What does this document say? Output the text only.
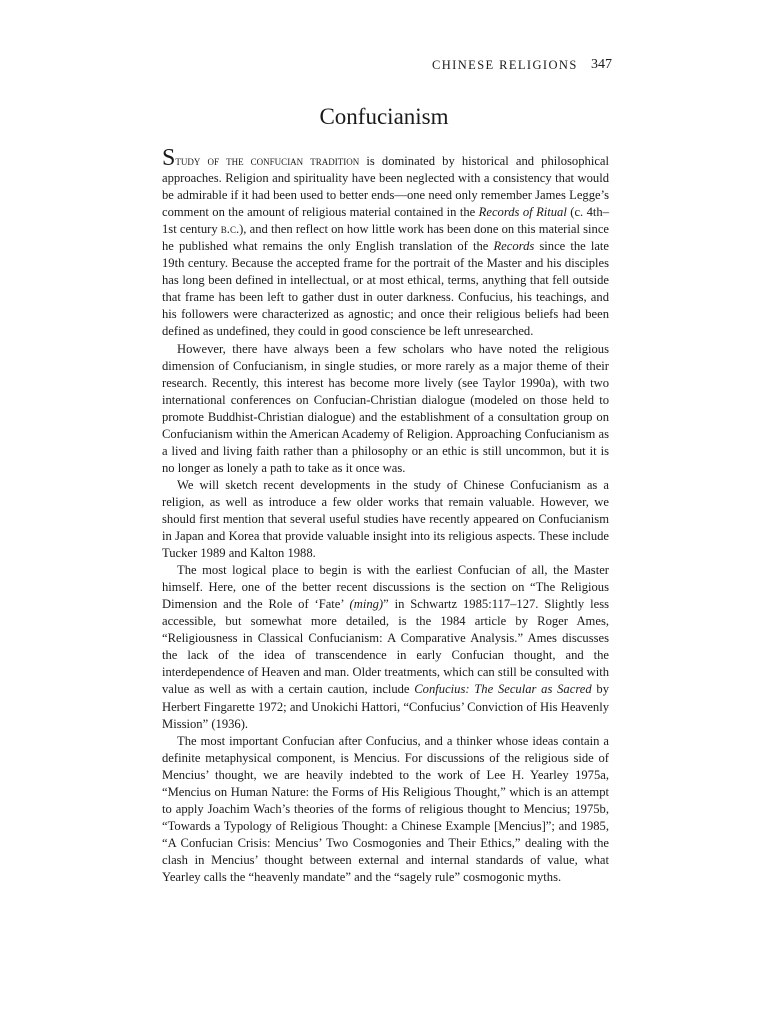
CHINESE RELIGIONS 347
Confucianism

Study of the confucian tradition is dominated by historical and philosophical approaches. Religion and spirituality have been neglected with a consistency that would be admirable if it had been used to better ends—one need only remember James Legge’s comment on the amount of religious material contained in the Records of Ritual (c. 4th–1st century b.c.), and then reflect on how little work has been done on this material since he published what remains the only English translation of the Records since the late 19th century. Because the accepted frame for the portrait of the Master and his disciples has long been defined in intellectual, or at most ethical, terms, anything that fell outside that frame has been left to gather dust in outer darkness. Confucius, his teachings, and his followers were characterized as agnostic; and once their religious beliefs had been defined as undefined, they could in good conscience be left unresearched.

However, there have always been a few scholars who have noted the religious dimension of Confucianism, in single studies, or more rarely as a major theme of their research. Recently, this interest has become more lively (see Taylor 1990a), with two international conferences on Confucian-Christian dialogue (modeled on those held to promote Buddhist-Christian dialogue) and the establishment of a consultation group on Confucianism within the American Academy of Religion. Approaching Confucianism as a lived and living faith rather than a philosophy or an ethic is still uncommon, but it is no longer as lonely a path to take as it once was.

We will sketch recent developments in the study of Chinese Confucianism as a religion, as well as introduce a few older works that remain valuable. However, we should first mention that several useful studies have recently appeared on Confucianism in Japan and Korea that provide valuable insight into its religious aspects. These include Tucker 1989 and Kalton 1988.

The most logical place to begin is with the earliest Confucian of all, the Master himself. Here, one of the better recent discussions is the section on “The Religious Dimension and the Role of ‘Fate’ (ming)” in Schwartz 1985:117–127. Slightly less accessible, but somewhat more detailed, is the 1984 article by Roger Ames, “Religiousness in Classical Confucianism: A Comparative Analysis.” Ames discusses the lack of the idea of transcendence in early Confucian thought, and the interdependence of Heaven and man. Older treatments, which can still be consulted with value as well as with a certain caution, include Confucius: The Secular as Sacred by Herbert Fingarette 1972; and Unokichi Hattori, “Confucius’ Conviction of His Heavenly Mission” (1936).

The most important Confucian after Confucius, and a thinker whose ideas contain a definite metaphysical component, is Mencius. For discussions of the religious side of Mencius’ thought, we are heavily indebted to the work of Lee H. Yearley 1975a, “Mencius on Human Nature: the Forms of His Religious Thought,” which is an attempt to apply Joachim Wach’s theories of the forms of religious thought to Mencius; 1975b, “Towards a Typology of Religious Thought: a Chinese Example [Mencius]”; and 1985, “A Confucian Crisis: Mencius’ Two Cosmogonies and Their Ethics,” dealing with the clash in Mencius’ thought between external and internal standards of value, what Yearley calls the “heavenly mandate” and the “sagely rule” cosmogonic myths.
